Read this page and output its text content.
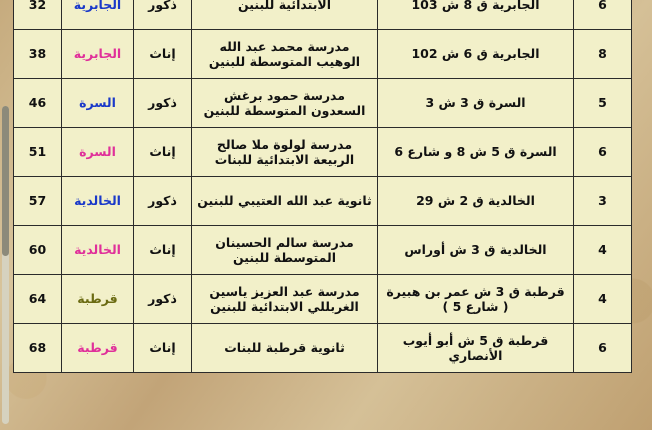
6	الجابرية ق 8 ش 103	الابتدائية للبنين	ذكور	الجابرية	32
8	الجابرية ق 6 ش 102	مدرسة محمد عبد الله الوهيب المتوسطة للبنين	إناث	الجابرية	38
5	السرة ق 3 ش 3	مدرسة حمود برغش السعدون المتوسطة للبنين	ذكور	السرة	46
6	السرة ق 5 ش 8 و شارع 6	مدرسة لولوة ملا صالح الربيعة الابتدائية للبنات	إناث	السرة	51
3	الخالدية ق 2 ش 29	ثانوية عبد الله العتيبي للبنين	ذكور	الخالدية	57
4	الخالدية ق 3 ش أوراس	مدرسة سالم الحسينان المتوسطة للبنين	إناث	الخالدية	60
4	قرطبة ق 3 ش عمر بن هبيرة ( شارع 5 )	مدرسة عبد العزيز ياسين الغربللي الابتدائية للبنين	ذكور	قرطبة	64
6	قرطبة ق 5 ش أبو أيوب الأنصاري	ثانوية قرطبة للبنات	إناث	قرطبة	68
